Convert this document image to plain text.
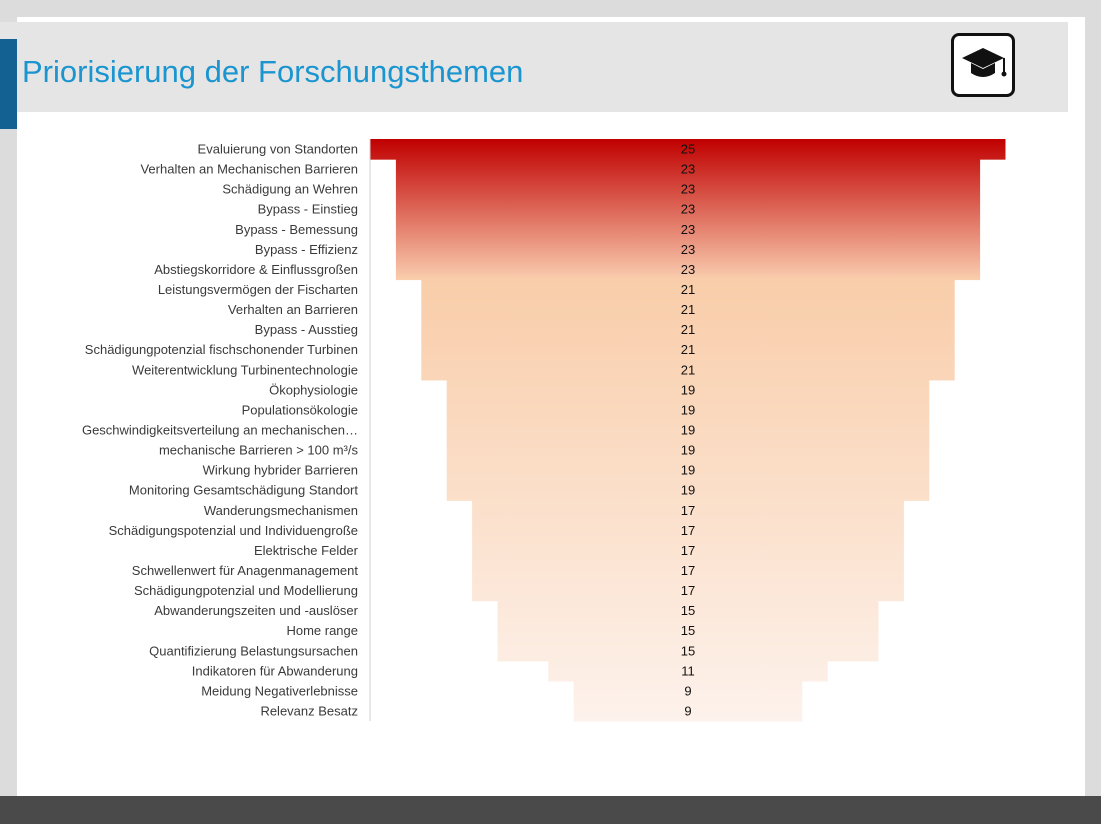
Priorisierung der Forschungsthemen
Evaluierung von Standorten
Verhalten an Mechanischen Barrieren
Schädigung an Wehren
Bypass - Einstieg
Bypass - Bemessung
Bypass - Effizienz
Abstiegskorridore & Einflussgroßen
Leistungsvermögen der Fischarten
Verhalten an Barrieren
Bypass - Ausstieg
Schädigungpotenzial fischschonender Turbinen
Weiterentwicklung Turbinentechnologie
Ökophysiologie
Populationsökologie
Geschwindigkeitsverteilung an mechanischen…
mechanische Barrieren > 100 m³/s
Wirkung hybrider Barrieren
Monitoring Gesamtschädigung Standort
Wanderungsmechanismen
Schädigungspotenzial und Individuengroße
Elektrische Felder
Schwellenwert für Anagenmanagement
Schädigungpotenzial und Modellierung
Abwanderungszeiten und -auslöser
Home range
Quantifizierung Belastungsursachen
Indikatoren für Abwanderung
Meidung Negativerlebnisse
Relevanz Besatz
25
23
23
23
23
23
23
21
21
21
21
21
19
19
19
19
19
19
17
17
17
17
17
15
15
15
11
9
9
